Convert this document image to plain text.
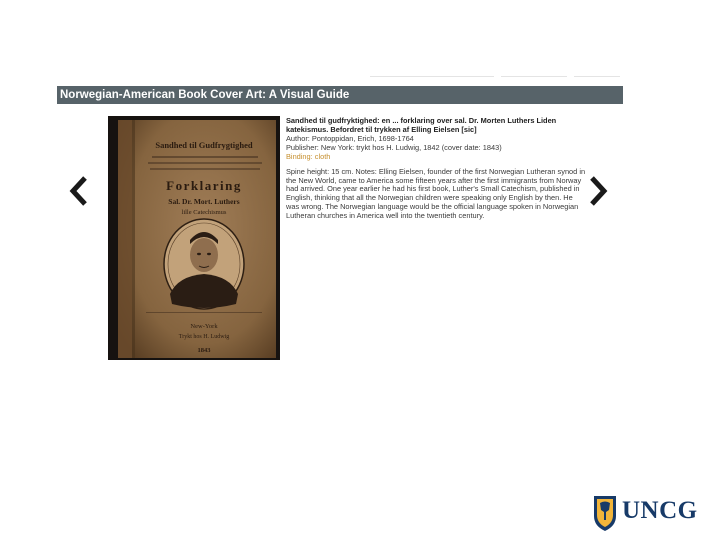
Norwegian-American Book Cover Art: A Visual Guide
Sandhed til Gudfrygtighed
Forklaring
Sal. Dr. Mort. Luthers
lille Catechismus
New-York
Trykt hos H. Ludwig
1843

Sandhed til gudfryktighed: en ... forklaring over sal. Dr. Morten Luthers Liden katekismus. Befordret til trykken af Elling Eielsen [sic]

Author: Pontoppidan, Erich, 1698-1764

Publisher: New York: trykt hos H. Ludwig, 1842 (cover date: 1843)

Binding: cloth

Spine height: 15 cm. Notes: Elling Eielsen, founder of the first Norwegian Lutheran synod in the New World, came to America some fifteen years after the first immigrants from Norway had arrived. One year earlier he had his first book, Luther's Small Catechism, published in English, thinking that all the Norwegian children were speaking only English by then. He was wrong. The Norwegian language would be the official language spoken in Norwegian Lutheran churches in America well into the twentieth century.

UNCG
